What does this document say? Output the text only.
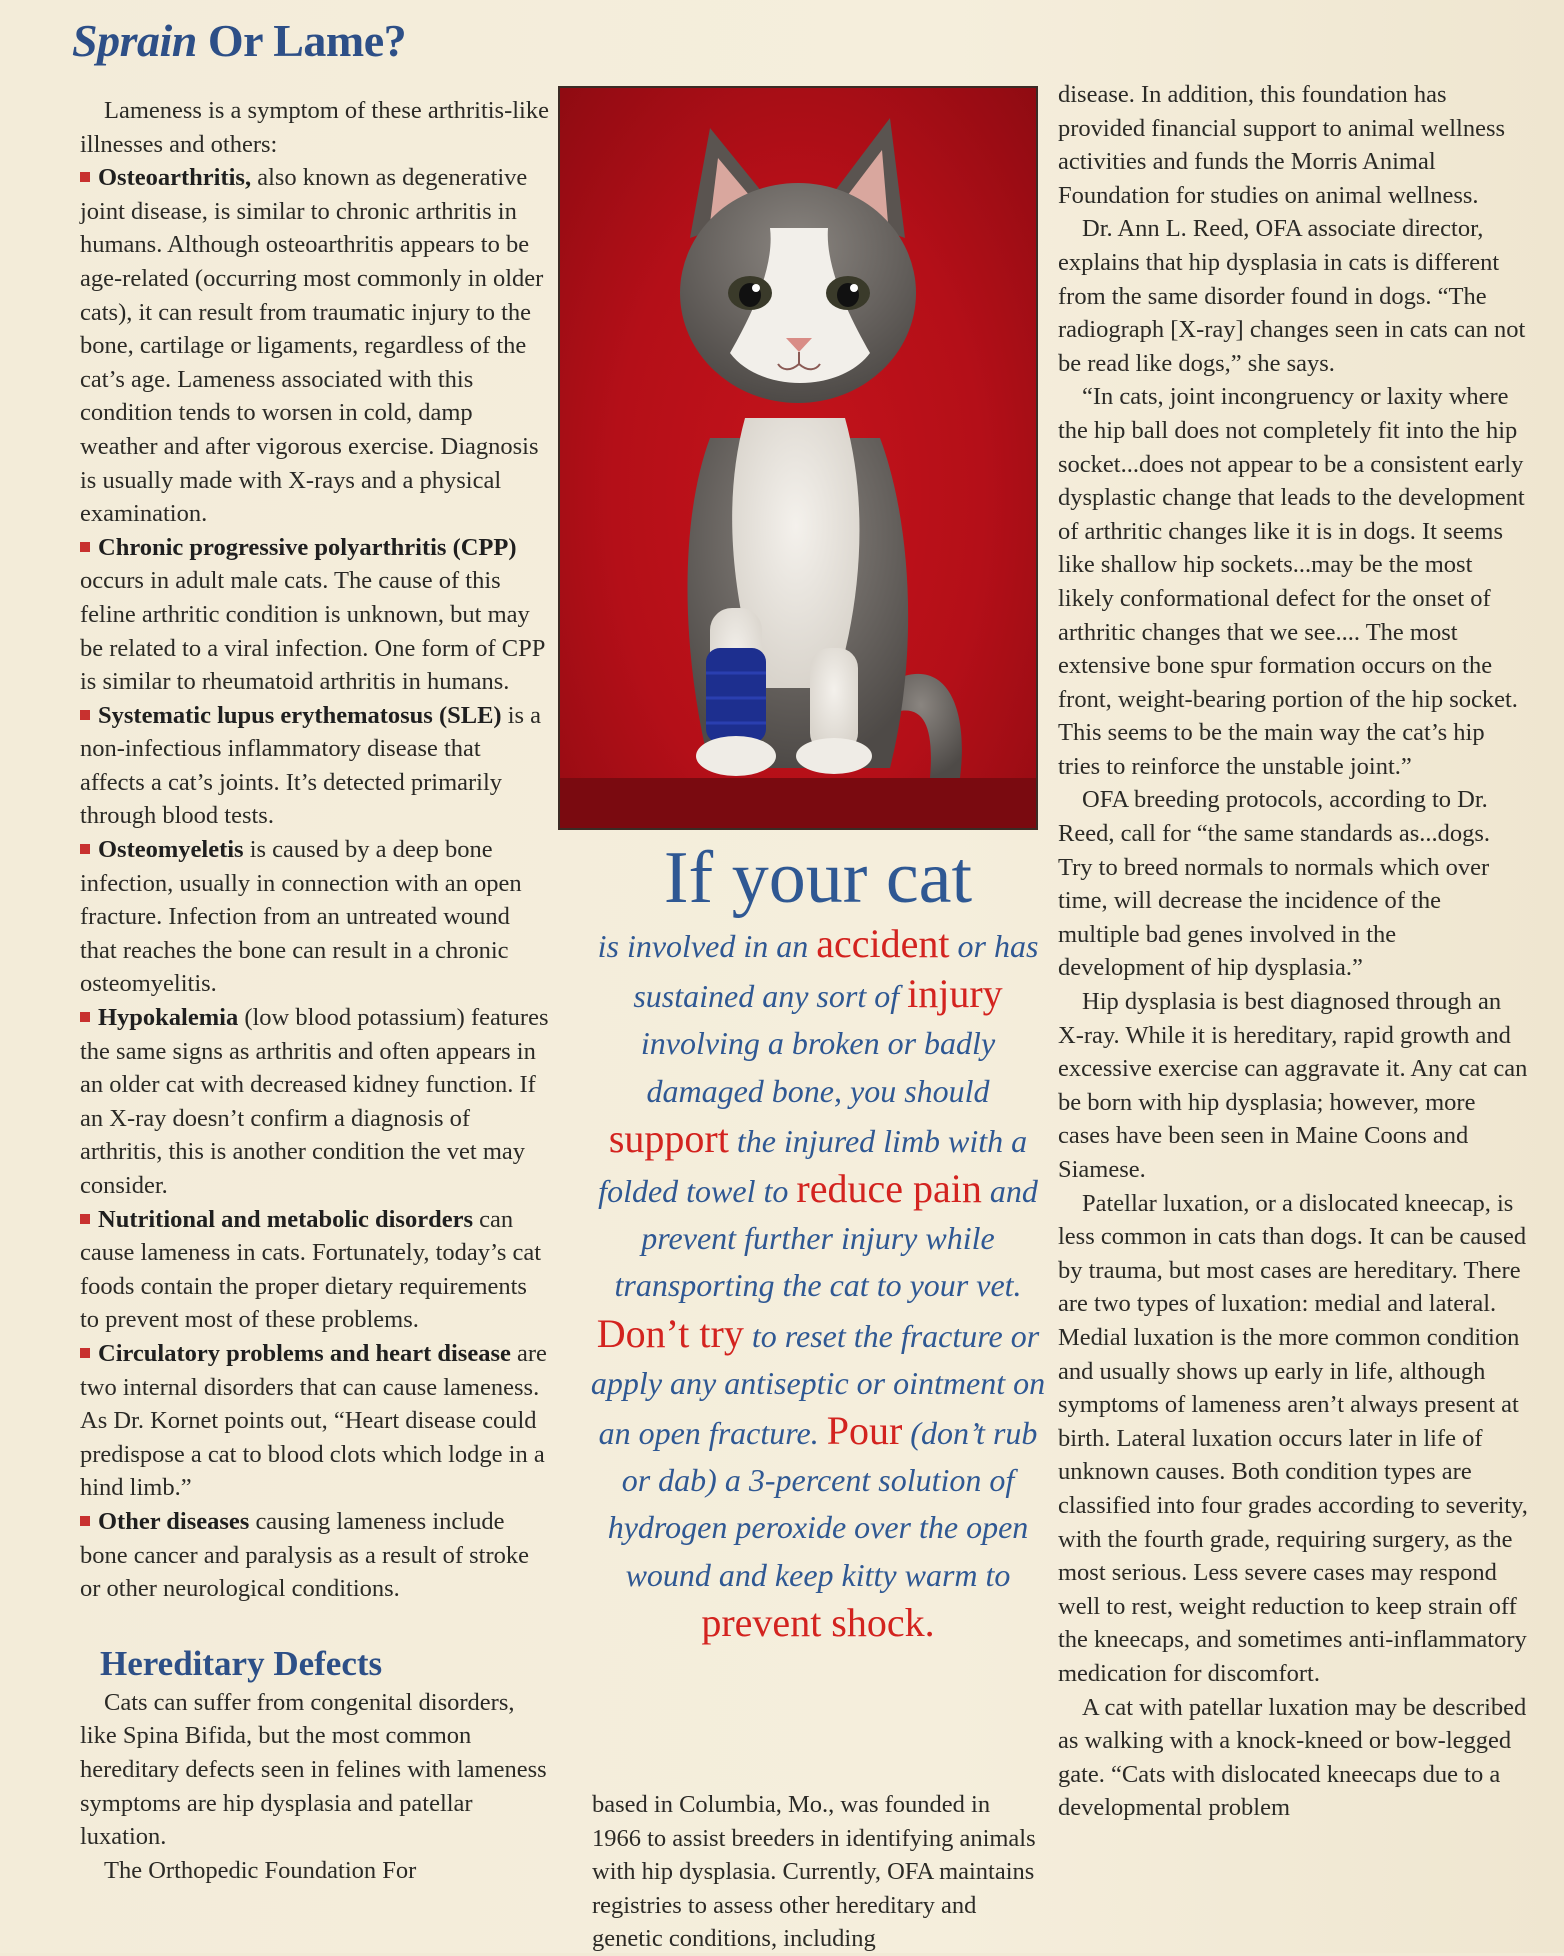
Sprain Or Lame?

Lameness is a symptom of these arthritis-like illnesses and others:

Osteoarthritis, also known as degenerative joint disease, is similar to chronic arthritis in humans. Although osteoarthritis appears to be age-related (occurring most commonly in older cats), it can result from traumatic injury to the bone, cartilage or ligaments, regardless of the cat’s age. Lameness associated with this condition tends to worsen in cold, damp weather and after vigorous exercise. Diagnosis is usually made with X-rays and a physical examination.

Chronic progressive polyarthritis (CPP) occurs in adult male cats. The cause of this feline arthritic condition is unknown, but may be related to a viral infection. One form of CPP is similar to rheumatoid arthritis in humans.

Systematic lupus erythematosus (SLE) is a non-infectious inflammatory disease that affects a cat’s joints. It’s detected primarily through blood tests.

Osteomyeletis is caused by a deep bone infection, usually in connection with an open fracture. Infection from an untreated wound that reaches the bone can result in a chronic osteomyelitis.

Hypokalemia (low blood potassium) features the same signs as arthritis and often appears in an older cat with decreased kidney function. If an X-ray doesn’t confirm a diagnosis of arthritis, this is another condition the vet may consider.

Nutritional and metabolic disorders can cause lameness in cats. Fortunately, today’s cat foods contain the proper dietary requirements to prevent most of these problems.

Circulatory problems and heart disease are two internal disorders that can cause lameness. As Dr. Kornet points out, “Heart disease could predispose a cat to blood clots which lodge in a hind limb.”

Other diseases causing lameness include bone cancer and paralysis as a result of stroke or other neurological conditions.

Hereditary Defects

Cats can suffer from congenital disorders, like Spina Bifida, but the most common hereditary defects seen in felines with lameness symptoms are hip dysplasia and patellar luxation.

The Orthopedic Foundation For

If your cat
is involved in an accident or has sustained any sort of injury involving a broken or badly damaged bone, you should support the injured limb with a folded towel to reduce pain and prevent further injury while transporting the cat to your vet. Don’t try to reset the fracture or apply any antiseptic or ointment on an open fracture. Pour (don’t rub or dab) a 3-percent solution of hydrogen peroxide over the open wound and keep kitty warm to
prevent shock.

based in Columbia, Mo., was founded in 1966 to assist breeders in identifying animals with hip dysplasia. Currently, OFA maintains registries to assess other hereditary and genetic conditions, including

disease. In addition, this foundation has provided financial support to animal wellness activities and funds the Morris Animal Foundation for studies on animal wellness.

Dr. Ann L. Reed, OFA associate director, explains that hip dysplasia in cats is different from the same disorder found in dogs. “The radiograph [X-ray] changes seen in cats can not be read like dogs,” she says.

“In cats, joint incongruency or laxity where the hip ball does not completely fit into the hip socket...does not appear to be a consistent early dysplastic change that leads to the development of arthritic changes like it is in dogs. It seems like shallow hip sockets...may be the most likely conformational defect for the onset of arthritic changes that we see.... The most extensive bone spur formation occurs on the front, weight-bearing portion of the hip socket. This seems to be the main way the cat’s hip tries to reinforce the unstable joint.”

OFA breeding protocols, according to Dr. Reed, call for “the same standards as...dogs. Try to breed normals to normals which over time, will decrease the incidence of the multiple bad genes involved in the development of hip dysplasia.”

Hip dysplasia is best diagnosed through an X-ray. While it is hereditary, rapid growth and excessive exercise can aggravate it. Any cat can be born with hip dysplasia; however, more cases have been seen in Maine Coons and Siamese.

Patellar luxation, or a dislocated kneecap, is less common in cats than dogs. It can be caused by trauma, but most cases are hereditary. There are two types of luxation: medial and lateral. Medial luxation is the more common condition and usually shows up early in life, although symptoms of lameness aren’t always present at birth. Lateral luxation occurs later in life of unknown causes. Both condition types are classified into four grades according to severity, with the fourth grade, requiring surgery, as the most serious. Less severe cases may respond well to rest, weight reduction to keep strain off the kneecaps, and sometimes anti-inflammatory medication for discomfort.

A cat with patellar luxation may be described as walking with a knock-kneed or bow-legged gate. “Cats with dislocated kneecaps due to a developmental problem
